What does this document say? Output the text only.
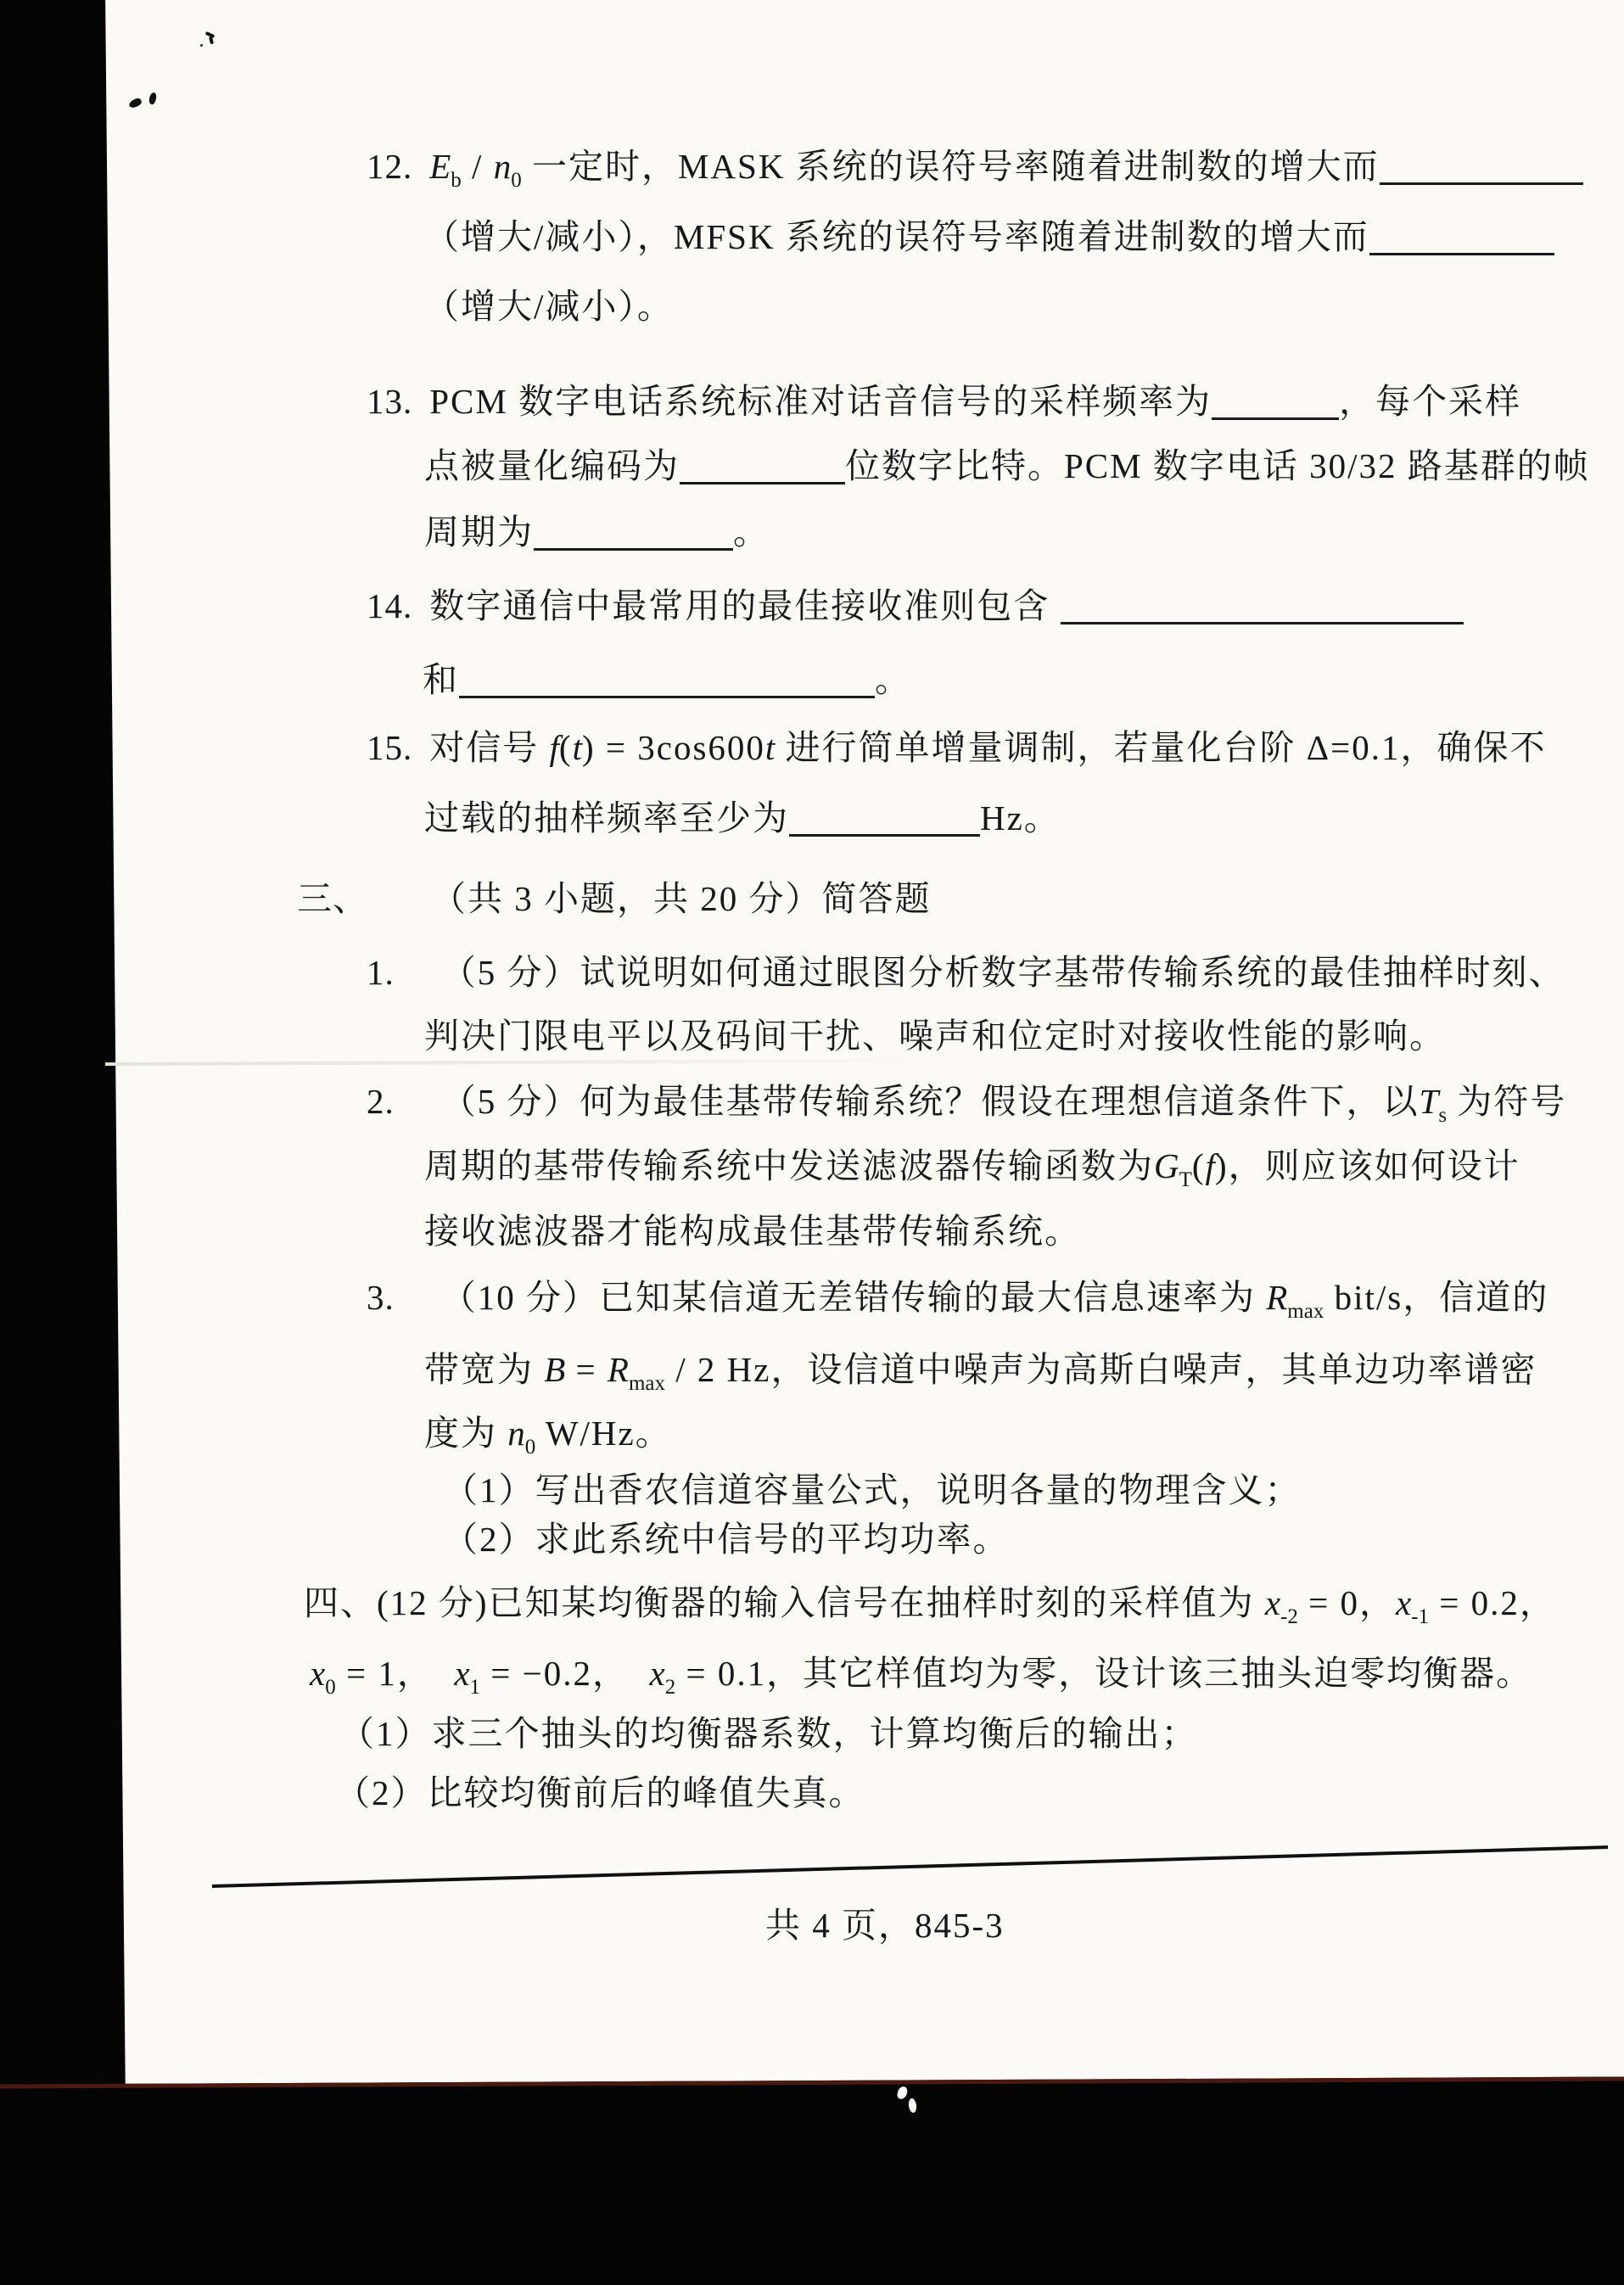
12. $E_b / n_0$ 一定时，MASK 系统的误符号率随着进制数的增大而
（增大/减小），MFSK 系统的误符号率随着进制数的增大而
（增大/减小）。
13. PCM 数字电话系统标准对话音信号的采样频率为	，每个采样
点被量化编码为	位数字比特。PCM 数字电话 30/32 路基群的帧
周期为	。
14. 数字通信中最常用的最佳接收准则包含
和	。
15. 对信号 f(t) = 3cos600t 进行简单增量调制，若量化台阶 Δ=0.1，确保不
过载的抽样频率至少为	Hz。
三、 （共 3 小题，共 20 分）简答题
1. （5 分）试说明如何通过眼图分析数字基带传输系统的最佳抽样时刻、
判决门限电平以及码间干扰、噪声和位定时对接收性能的影响。
2. （5 分）何为最佳基带传输系统？假设在理想信道条件下，以$T_s$ 为符号
周期的基带传输系统中发送滤波器传输函数为$G_T(f)$，则应该如何设计
接收滤波器才能构成最佳基带传输系统。
3. （10 分）已知某信道无差错传输的最大信息速率为 $R_{max}$ bit/s，信道的
带宽为 $B = R_{max} / 2$ Hz，设信道中噪声为高斯白噪声，其单边功率谱密
度为 $n_0$ W/Hz。
（1）写出香农信道容量公式，说明各量的物理含义；
（2）求此系统中信号的平均功率。
四、(12 分)已知某均衡器的输入信号在抽样时刻的采样值为 $x_{-2} = 0$，$x_{-1} = 0.2$，
$x_0 = 1$，  $x_1 = -0.2$，  $x_2 = 0.1$，其它样值均为零，设计该三抽头迫零均衡器。
（1）求三个抽头的均衡器系数，计算均衡后的输出；
（2）比较均衡前后的峰值失真。
共 4 页，845-3
